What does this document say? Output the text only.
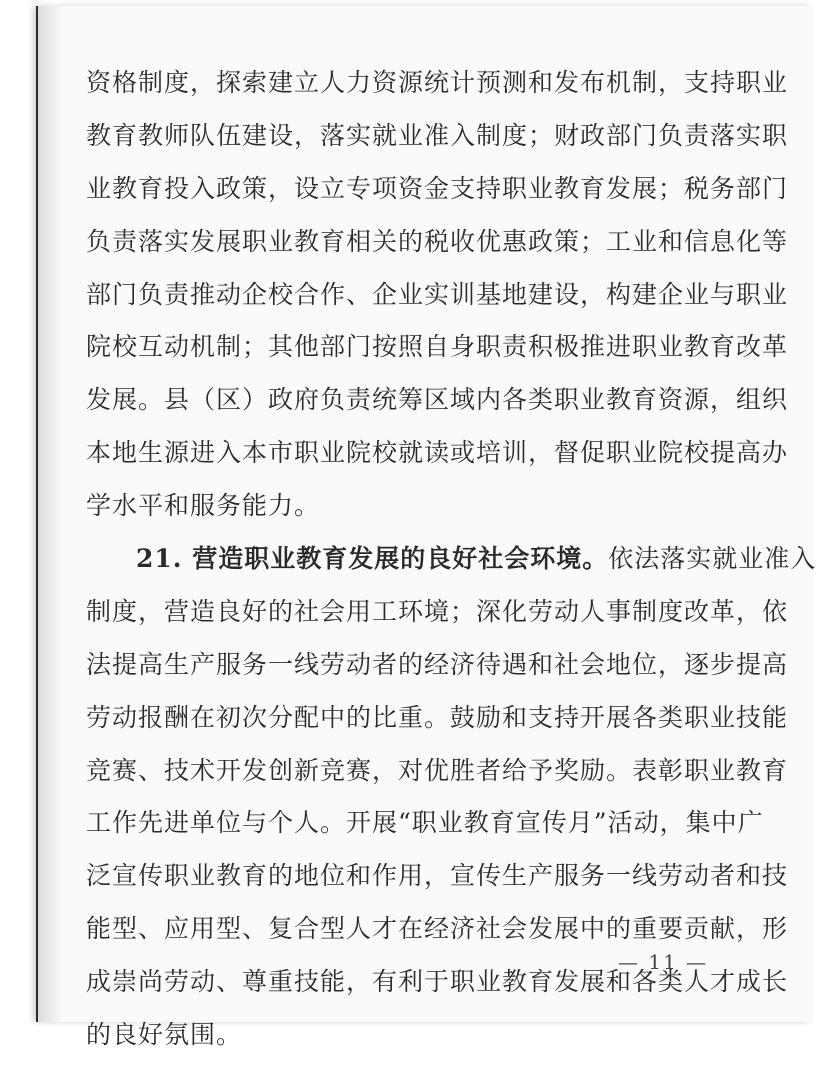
资格制度，探索建立人力资源统计预测和发布机制，支持职业
教育教师队伍建设，落实就业准入制度；财政部门负责落实职
业教育投入政策，设立专项资金支持职业教育发展；税务部门
负责落实发展职业教育相关的税收优惠政策；工业和信息化等
部门负责推动企校合作、企业实训基地建设，构建企业与职业
院校互动机制；其他部门按照自身职责积极推进职业教育改革
发展。县（区）政府负责统筹区域内各类职业教育资源，组织
本地生源进入本市职业院校就读或培训，督促职业院校提高办
学水平和服务能力。
21. 营造职业教育发展的良好社会环境。依法落实就业准入
制度，营造良好的社会用工环境；深化劳动人事制度改革，依
法提高生产服务一线劳动者的经济待遇和社会地位，逐步提高
劳动报酬在初次分配中的比重。鼓励和支持开展各类职业技能
竞赛、技术开发创新竞赛，对优胜者给予奖励。表彰职业教育
工作先进单位与个人。开展“职业教育宣传月”活动，集中广
泛宣传职业教育的地位和作用，宣传生产服务一线劳动者和技
能型、应用型、复合型人才在经济社会发展中的重要贡献，形
成崇尚劳动、尊重技能，有利于职业教育发展和各类人才成长
的良好氛围。
— 11 —
